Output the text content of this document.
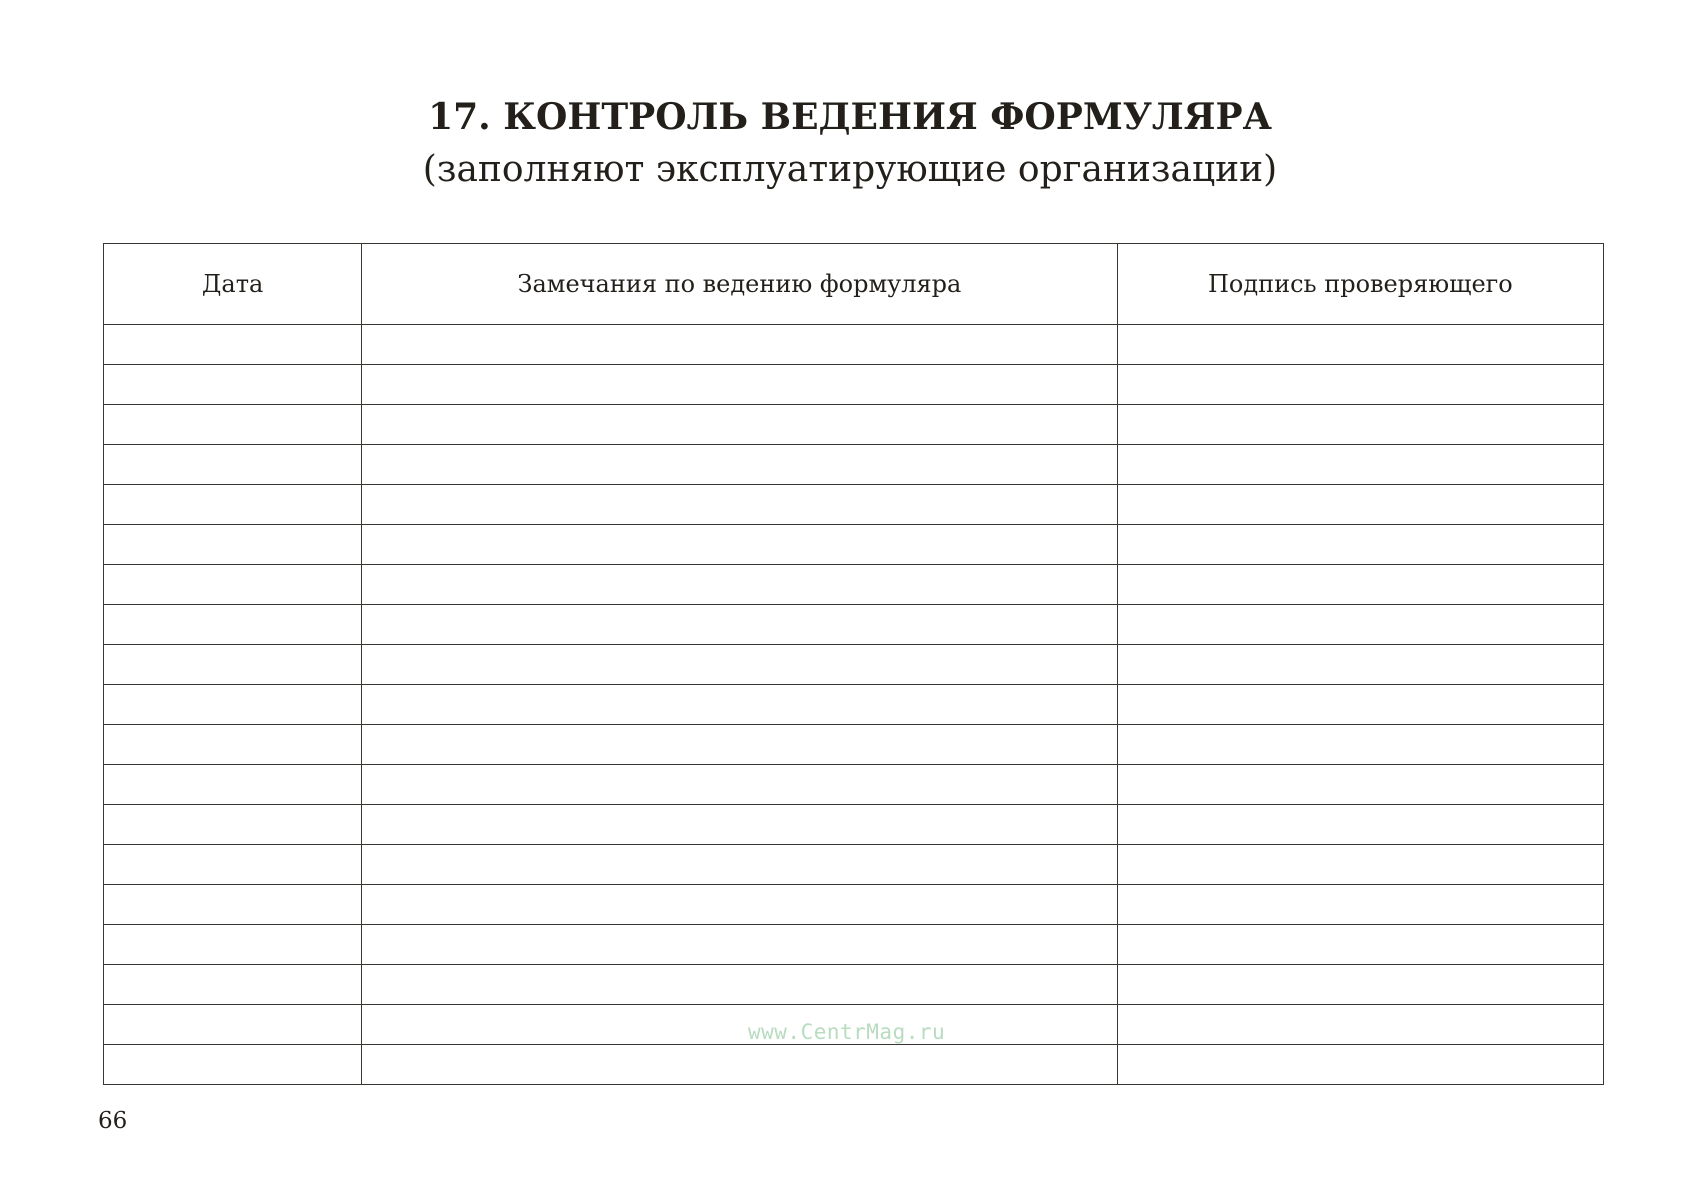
17. КОНТРОЛЬ ВЕДЕНИЯ ФОРМУЛЯРА
(заполняют эксплуатирующие организации)
Дата	Замечания по ведению формуляра	Подпись проверяющего

www.CentrMag.ru
66
